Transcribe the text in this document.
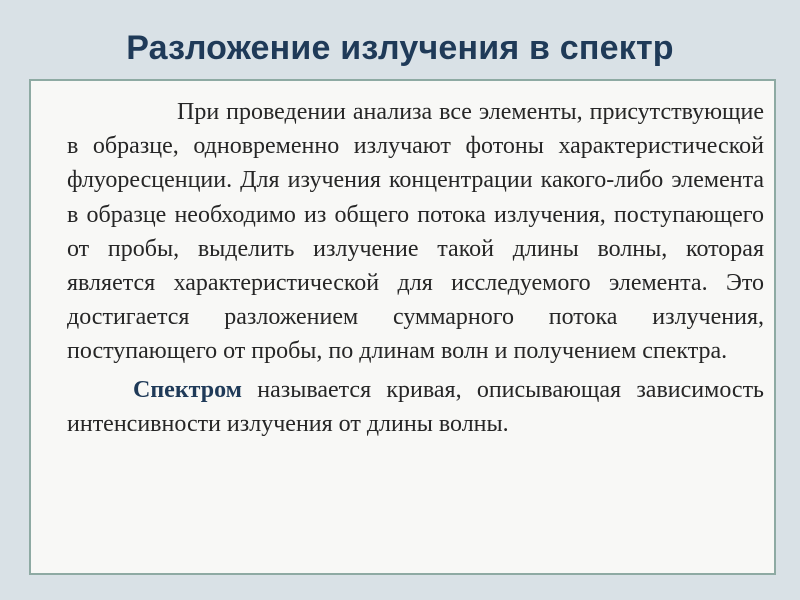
Разложение излучения в спектр

При проведении анализа все элементы, присутствующие в образце, одновременно излучают фотоны характеристической флуоресценции. Для изучения концентрации какого-либо элемента в образце необходимо из общего потока излучения, поступающего от пробы, выделить излучение такой длины волны, которая является характеристической для исследуемого элемента. Это достигается разложением суммарного потока излучения, поступающего от пробы, по длинам волн и получением спектра.

Спектром называется кривая, описывающая зависимость интенсивности излучения от длины волны.
